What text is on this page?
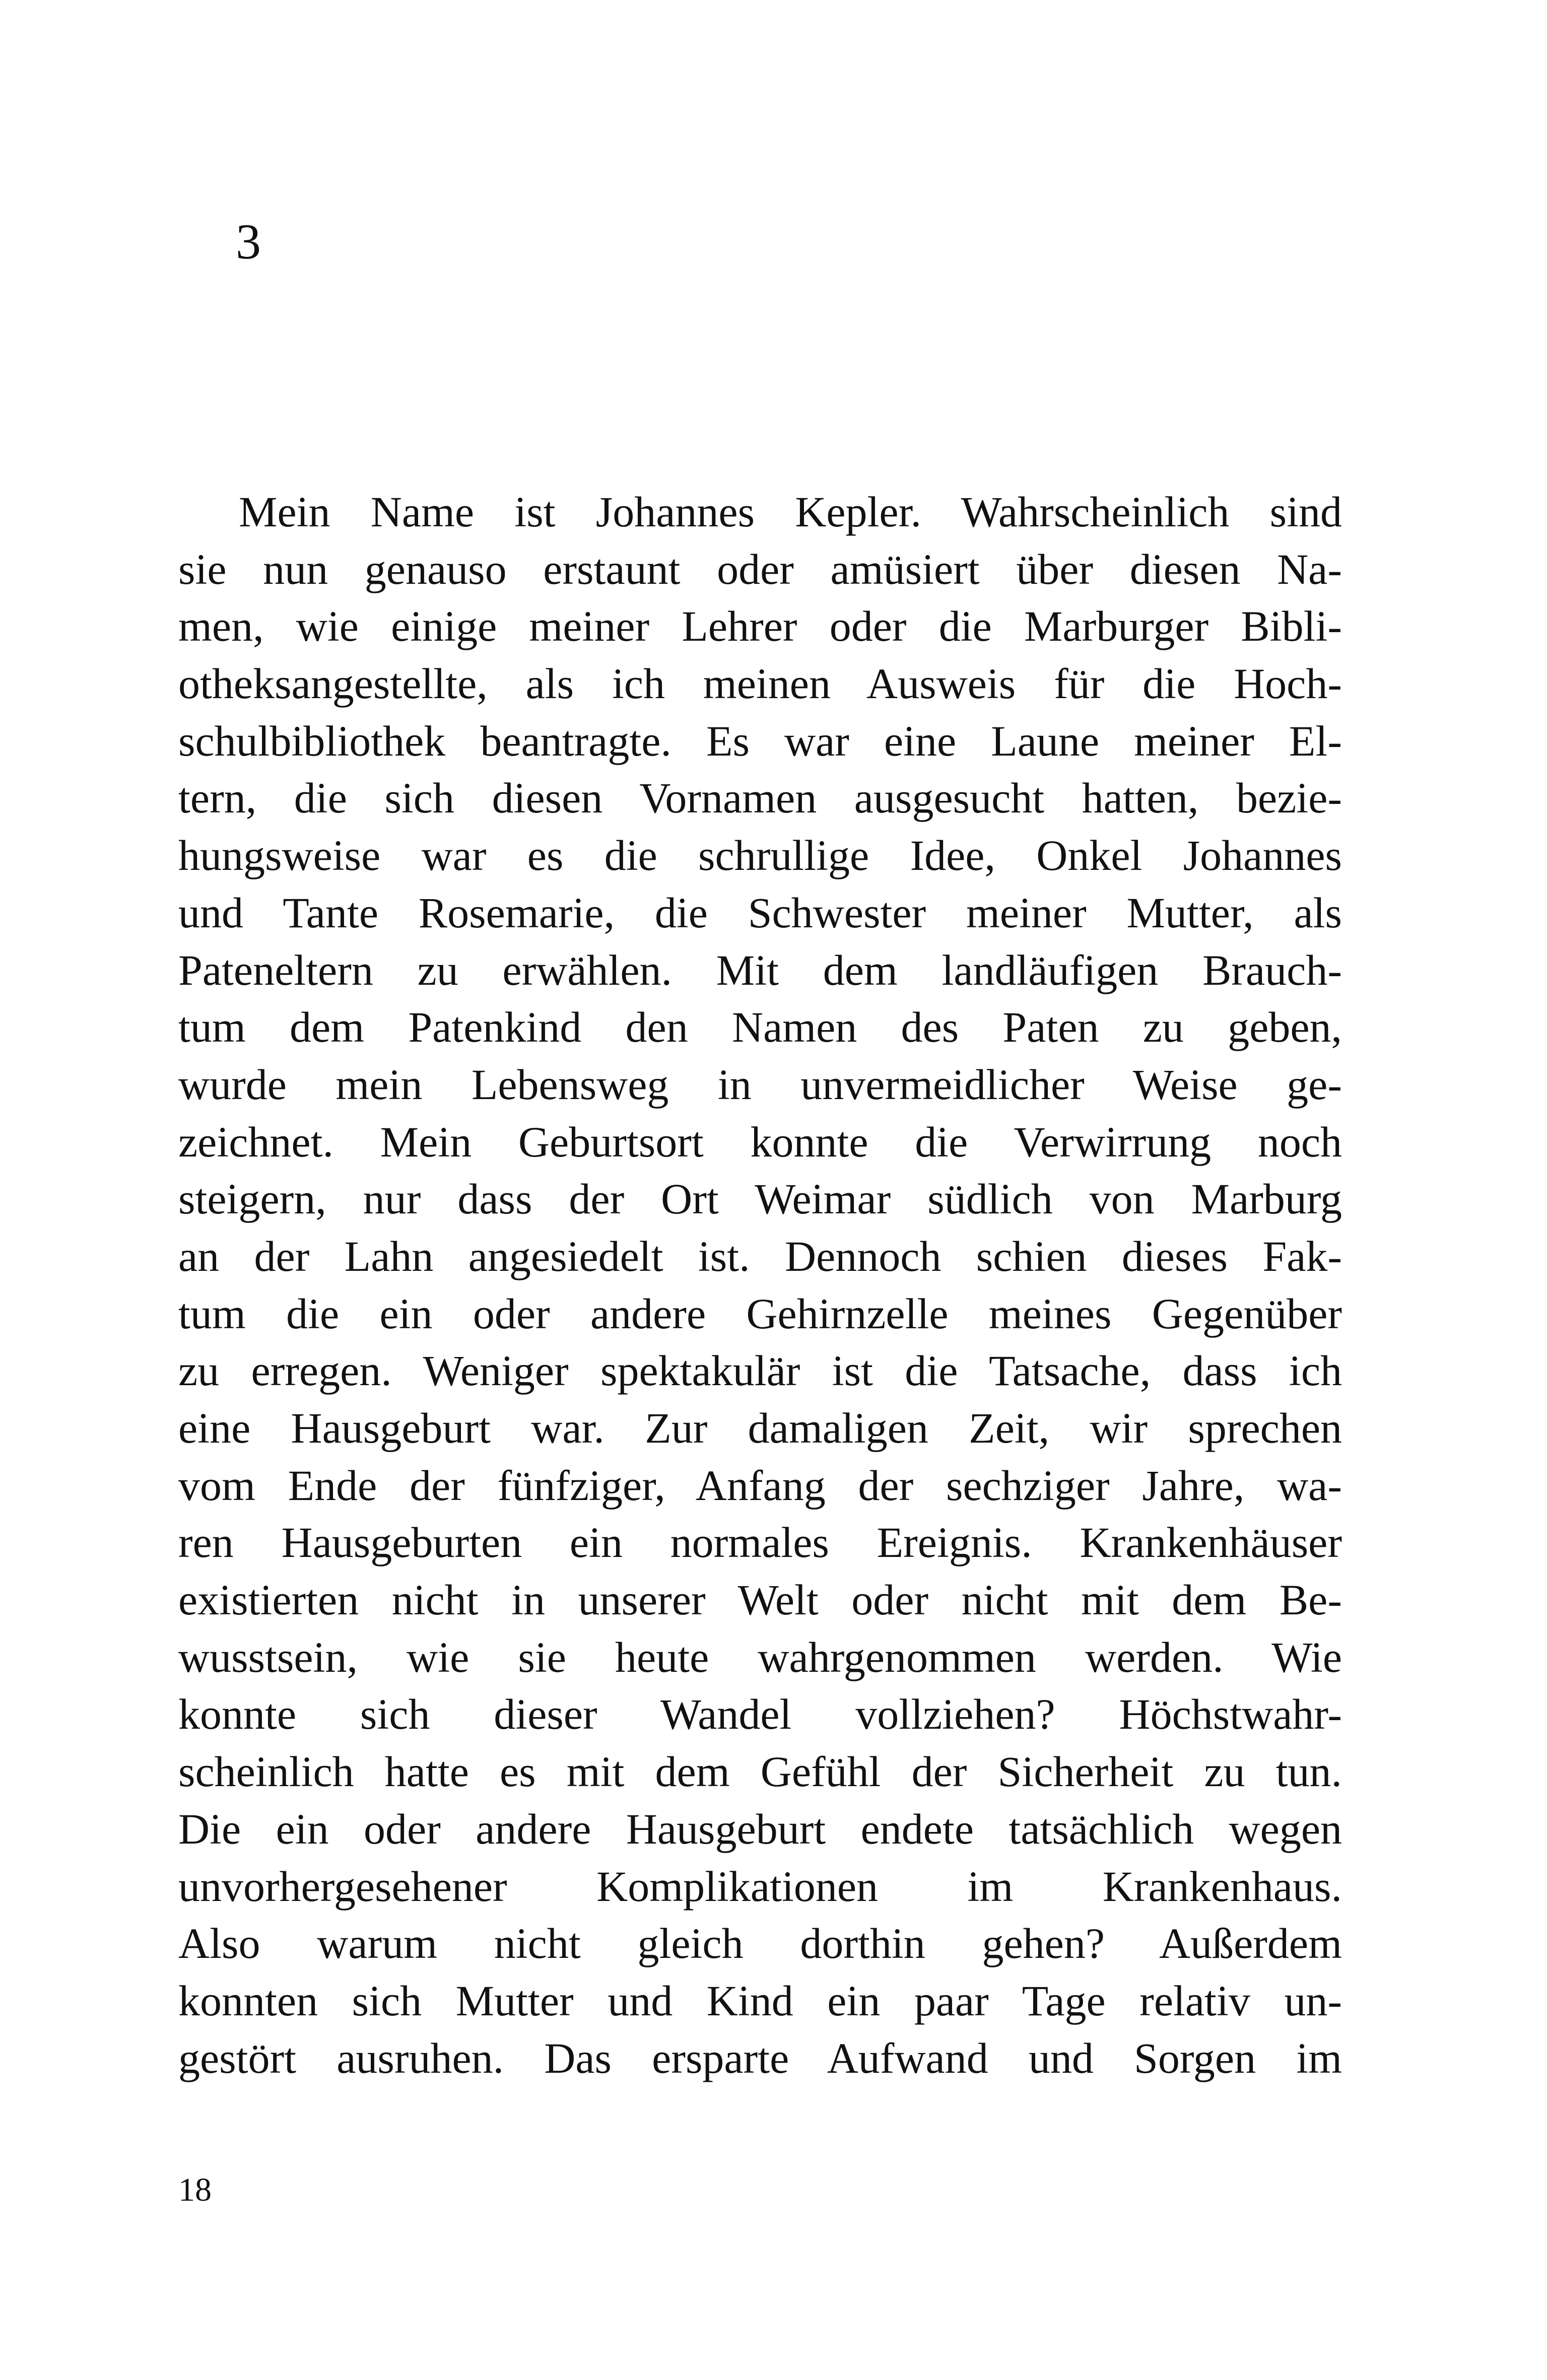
3
Mein Name ist Johannes Kepler. Wahrscheinlich sind
sie nun genauso erstaunt oder amüsiert über diesen Na-
men, wie einige meiner Lehrer oder die Marburger Bibli-
otheksangestellte, als ich meinen Ausweis für die Hoch-
schulbibliothek beantragte. Es war eine Laune meiner El-
tern, die sich diesen Vornamen ausgesucht hatten, bezie-
hungsweise war es die schrullige Idee, Onkel Johannes
und Tante Rosemarie, die Schwester meiner Mutter, als
Pateneltern zu erwählen. Mit dem landläufigen Brauch-
tum dem Patenkind den Namen des Paten zu geben,
wurde mein Lebensweg in unvermeidlicher Weise ge-
zeichnet. Mein Geburtsort konnte die Verwirrung noch
steigern, nur dass der Ort Weimar südlich von Marburg
an der Lahn angesiedelt ist. Dennoch schien dieses Fak-
tum die ein oder andere Gehirnzelle meines Gegenüber
zu erregen. Weniger spektakulär ist die Tatsache, dass ich
eine Hausgeburt war. Zur damaligen Zeit, wir sprechen
vom Ende der fünfziger, Anfang der sechziger Jahre, wa-
ren Hausgeburten ein normales Ereignis. Krankenhäuser
existierten nicht in unserer Welt oder nicht mit dem Be-
wusstsein, wie sie heute wahrgenommen werden. Wie
konnte sich dieser Wandel vollziehen? Höchstwahr-
scheinlich hatte es mit dem Gefühl der Sicherheit zu tun.
Die ein oder andere Hausgeburt endete tatsächlich wegen
unvorhergesehener Komplikationen im Krankenhaus.
Also warum nicht gleich dorthin gehen? Außerdem
konnten sich Mutter und Kind ein paar Tage relativ un-
gestört ausruhen. Das ersparte Aufwand und Sorgen im
18
